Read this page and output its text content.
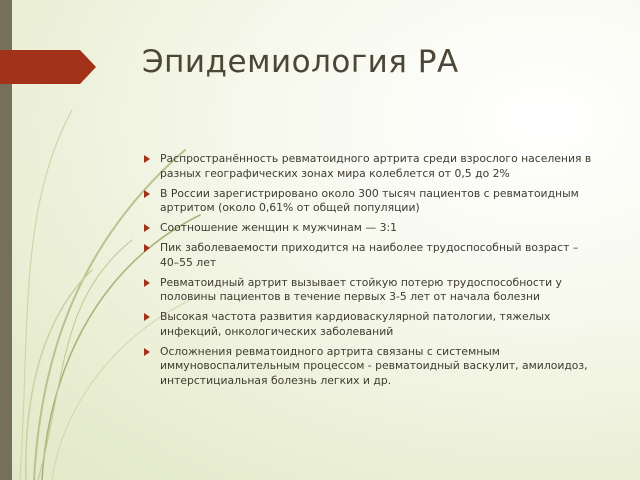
Эпидемиология РА
Распространённость ревматоидного артрита среди взрослого населения в разных географических зонах мира колеблется от 0,5 до 2%
В России зарегистрировано около 300 тысяч пациентов с ревматоидным артритом (около 0,61% от общей популяции)
Соотношение женщин к мужчинам — 3:1
Пик заболеваемости приходится на наиболее трудоспособный возраст – 40–55 лет
Ревматоидный артрит вызывает стойкую потерю трудоспособности у половины пациентов в течение первых 3-5 лет от начала болезни
Высокая частота развития кардиоваскулярной патологии, тяжелых инфекций, онкологических заболеваний
Осложнения ревматоидного артрита связаны с системным иммуновоспалительным процессом - ревматоидный васкулит, амилоидоз, интерстициальная болезнь легких и др.
